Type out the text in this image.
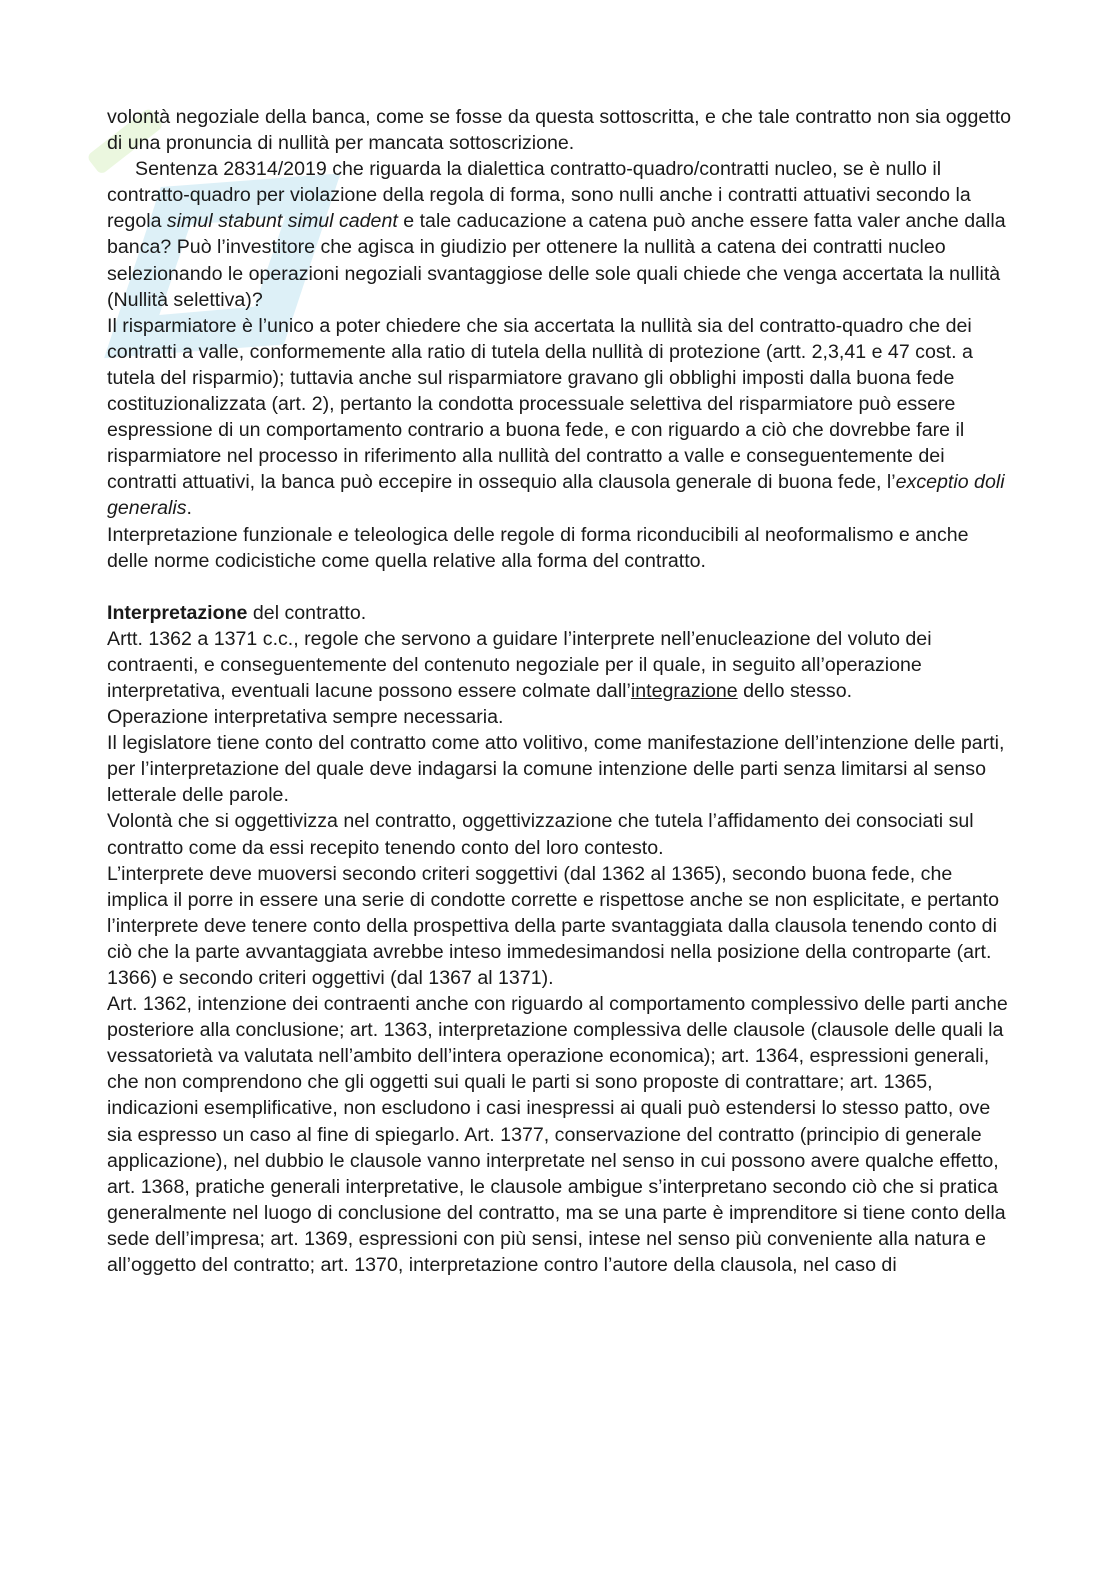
volontà negoziale della banca, come se fosse da questa sottoscritta, e che tale contratto non sia oggetto di una pronuncia di nullità per mancata sottoscrizione.

Sentenza 28314/2019 che riguarda la dialettica contratto-quadro/contratti nucleo, se è nullo il contratto-quadro per violazione della regola di forma, sono nulli anche i contratti attuativi secondo la regola simul stabunt simul cadent e tale caducazione a catena può anche essere fatta valer anche dalla banca? Può l’investitore che agisca in giudizio per ottenere la nullità a catena dei contratti nucleo selezionando le operazioni negoziali svantaggiose delle sole quali chiede che venga accertata la nullità (Nullità selettiva)?

Il risparmiatore è l’unico a poter chiedere che sia accertata la nullità sia del contratto-quadro che dei contratti a valle, conformemente alla ratio di tutela della nullità di protezione (artt. 2,3,41 e 47 cost. a tutela del risparmio); tuttavia anche sul risparmiatore gravano gli obblighi imposti dalla buona fede costituzionalizzata (art. 2), pertanto la condotta processuale selettiva del risparmiatore può essere espressione di un comportamento contrario a buona fede, e con riguardo a ciò che dovrebbe fare il risparmiatore nel processo in riferimento alla nullità del contratto a valle e conseguentemente dei contratti attuativi, la banca può eccepire in ossequio alla clausola generale di buona fede, l’exceptio doli generalis.

Interpretazione funzionale e teleologica delle regole di forma riconducibili al neoformalismo e anche delle norme codicistiche come quella relative alla forma del contratto.

Interpretazione del contratto.

Artt. 1362 a 1371 c.c., regole che servono a guidare l’interprete nell’enucleazione del voluto dei contraenti, e conseguentemente del contenuto negoziale per il quale, in seguito all’operazione interpretativa, eventuali lacune possono essere colmate dall’integrazione dello stesso.

Operazione interpretativa sempre necessaria.

Il legislatore tiene conto del contratto come atto volitivo, come manifestazione dell’intenzione delle parti, per l’interpretazione del quale deve indagarsi la comune intenzione delle parti senza limitarsi al senso letterale delle parole.

Volontà che si oggettivizza nel contratto, oggettivizzazione che tutela l’affidamento dei consociati sul contratto come da essi recepito tenendo conto del loro contesto.

L’interprete deve muoversi secondo criteri soggettivi (dal 1362 al 1365), secondo buona fede, che implica il porre in essere una serie di condotte corrette e rispettose anche se non esplicitate, e pertanto l’interprete deve tenere conto della prospettiva della parte svantaggiata dalla clausola tenendo conto di ciò che la parte avvantaggiata avrebbe inteso immedesimandosi nella posizione della controparte (art. 1366) e secondo criteri oggettivi (dal 1367 al 1371).

Art. 1362, intenzione dei contraenti anche con riguardo al comportamento complessivo delle parti anche posteriore alla conclusione; art. 1363, interpretazione complessiva delle clausole (clausole delle quali la vessatorietà va valutata nell’ambito dell’intera operazione economica); art. 1364, espressioni generali, che non comprendono che gli oggetti sui quali le parti si sono proposte di contrattare; art. 1365, indicazioni esemplificative, non escludono i casi inespressi ai quali può estendersi lo stesso patto, ove sia espresso un caso al fine di spiegarlo. Art. 1377, conservazione del contratto (principio di generale applicazione), nel dubbio le clausole vanno interpretate nel senso in cui possono avere qualche effetto, art. 1368, pratiche generali interpretative, le clausole ambigue s’interpretano secondo ciò che si pratica generalmente nel luogo di conclusione del contratto, ma se una parte è imprenditore si tiene conto della sede dell’impresa; art. 1369, espressioni con più sensi, intese nel senso più conveniente alla natura e all’oggetto del contratto; art. 1370, interpretazione contro l’autore della clausola, nel caso di
